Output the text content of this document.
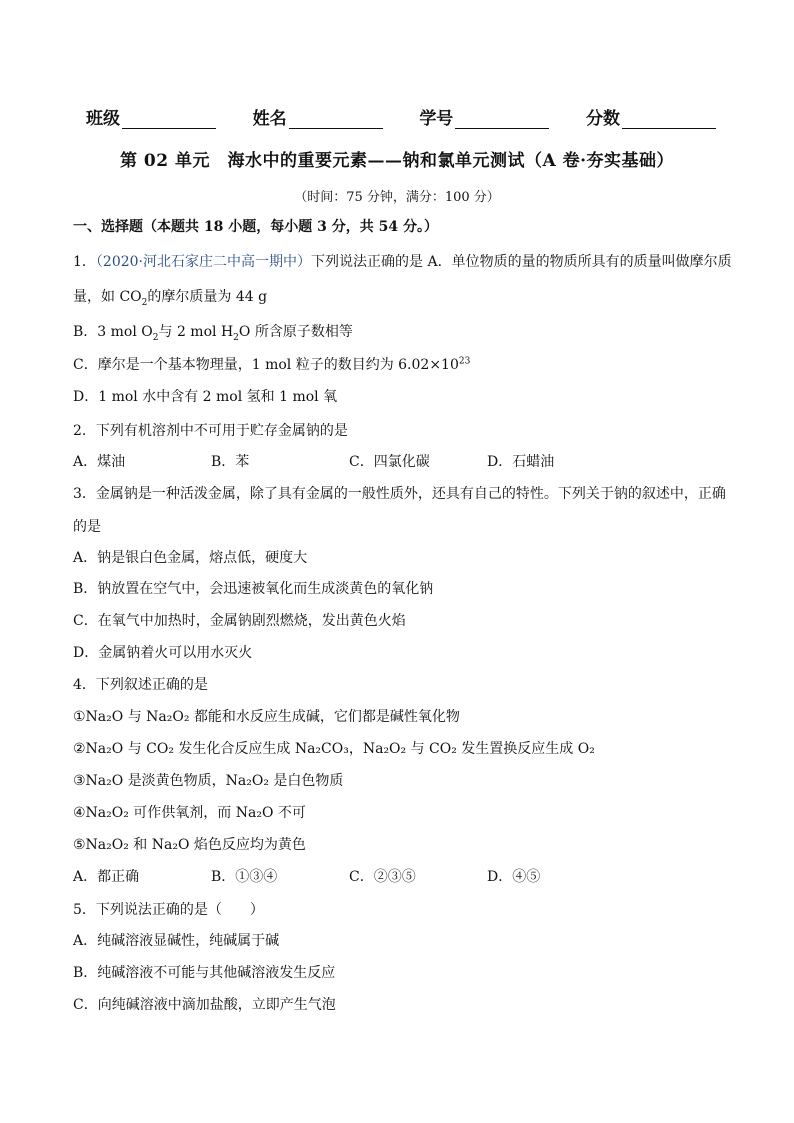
班级	姓名	学号	分数
第 02 单元　海水中的重要元素——钠和氯单元测试（A 卷·夯实基础）
（时间：75 分钟，满分：100 分）
一、选择题（本题共 18 小题，每小题 3 分，共 54 分。）
1．（2020·河北石家庄二中高一期中）下列说法正确的是 A．单位物质的量的物质所具有的质量叫做摩尔质
量，如 $CO_2$的摩尔质量为 44 g
B．3 mol $O_2$与 2 mol $H_2O$ 所含原子数相等
C．摩尔是一个基本物理量，1 mol 粒子的数目约为 $6.02\times 10^{23}$
D．1 mol 水中含有 2 mol 氢和 1 mol 氧
2．下列有机溶剂中不可用于贮存金属钠的是
A．煤油	B．苯	C．四氯化碳	D．石蜡油
3．金属钠是一种活泼金属，除了具有金属的一般性质外，还具有自己的特性。下列关于钠的叙述中，正确
的是
A．钠是银白色金属，熔点低，硬度大
B．钠放置在空气中，会迅速被氧化而生成淡黄色的氧化钠
C．在氧气中加热时，金属钠剧烈燃烧，发出黄色火焰
D．金属钠着火可以用水灭火
4．下列叙述正确的是
①Na₂O 与 Na₂O₂ 都能和水反应生成碱，它们都是碱性氧化物
②Na₂O 与 CO₂ 发生化合反应生成 Na₂CO₃，Na₂O₂ 与 CO₂ 发生置换反应生成 O₂
③Na₂O 是淡黄色物质，Na₂O₂ 是白色物质
④Na₂O₂ 可作供氧剂，而 Na₂O 不可
⑤Na₂O₂ 和 Na₂O 焰色反应均为黄色
A．都正确	B．①③④	C．②③⑤	D．④⑤
5．下列说法正确的是（　　）
A．纯碱溶液显碱性，纯碱属于碱
B．纯碱溶液不可能与其他碱溶液发生反应
C．向纯碱溶液中滴加盐酸，立即产生气泡
